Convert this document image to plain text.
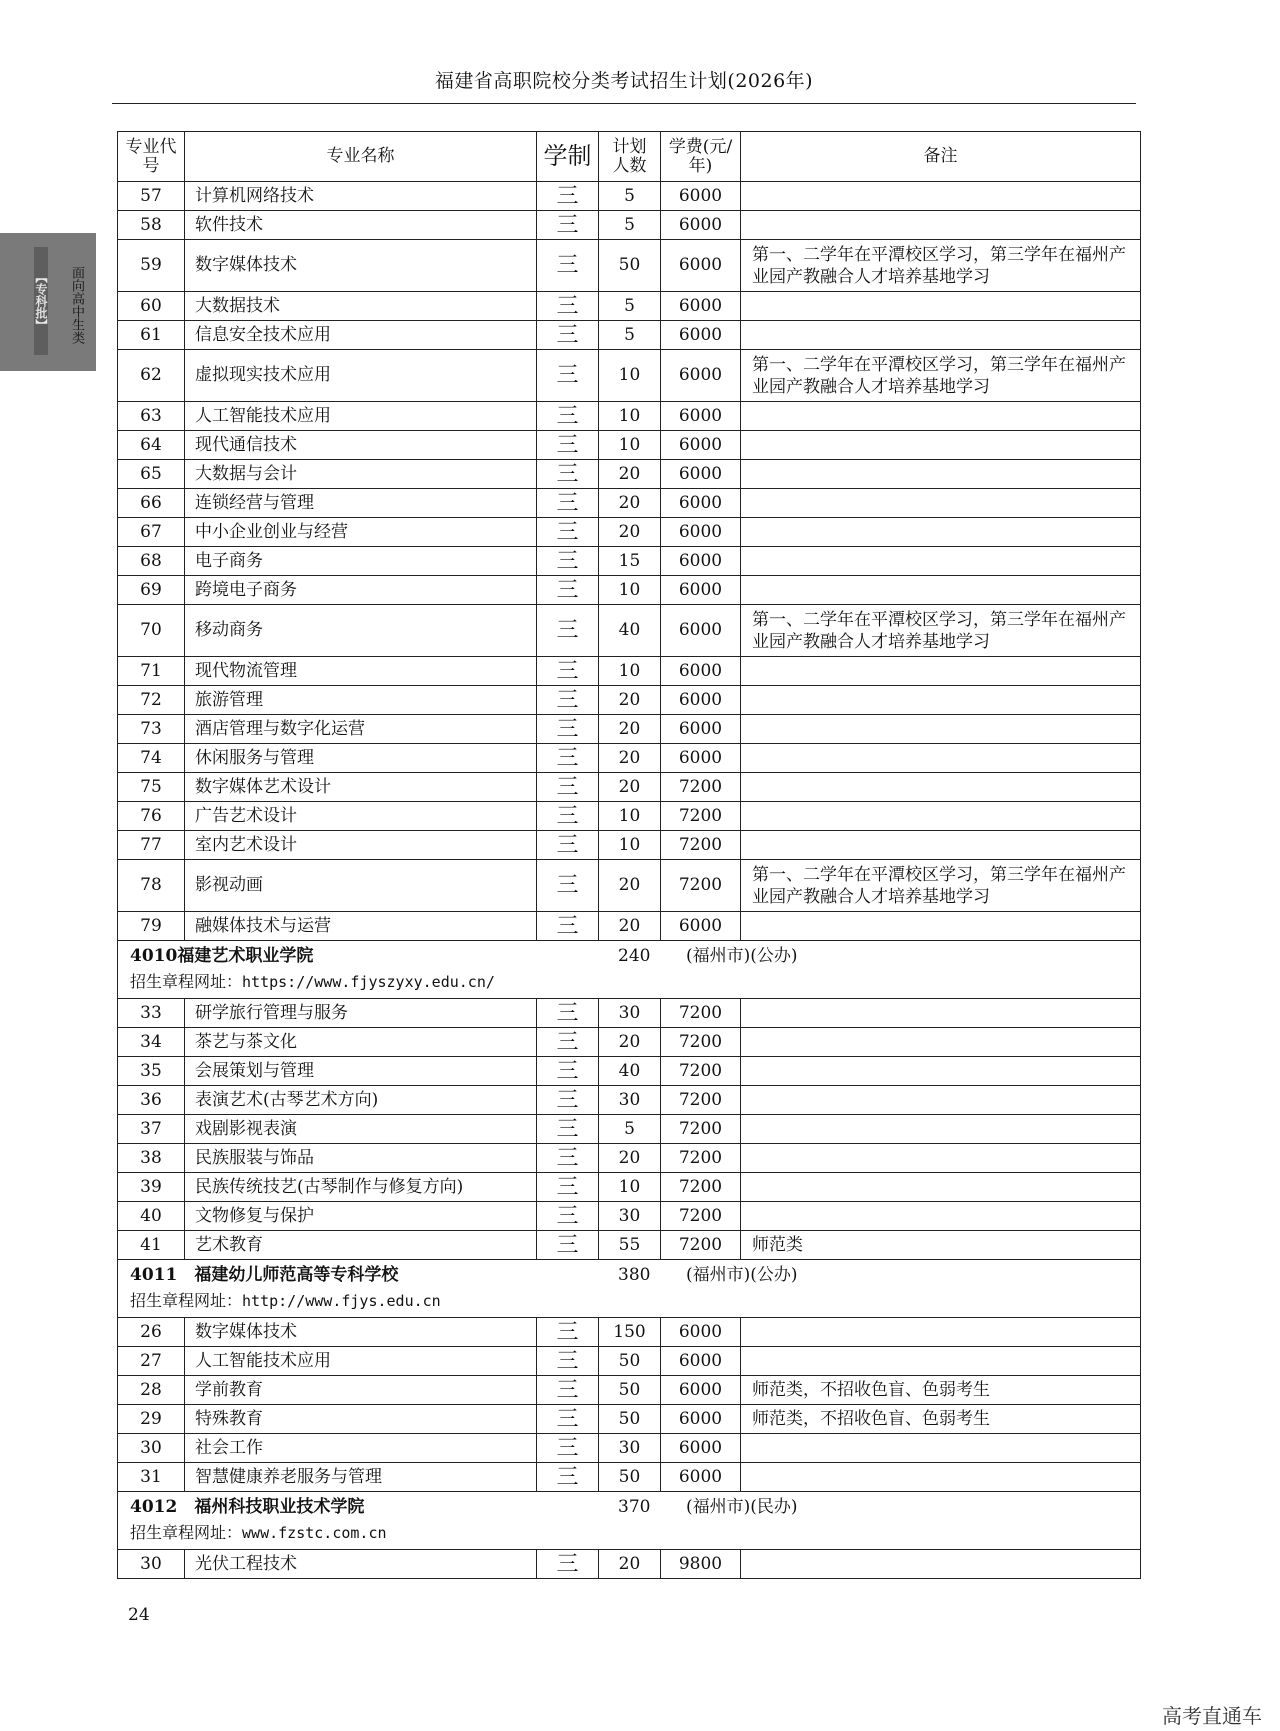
福建省高职院校分类考试招生计划(2026年)
【专科批】 面向高中生类
专业代号	专业名称	学制	计划人数	学费(元/年)	备注
57	计算机网络技术	三	5	6000	
58	软件技术	三	5	6000	
59	数字媒体技术	三	50	6000	第一、二学年在平潭校区学习，第三学年在福州产业园产教融合人才培养基地学习
60	大数据技术	三	5	6000	
61	信息安全技术应用	三	5	6000	
62	虚拟现实技术应用	三	10	6000	第一、二学年在平潭校区学习，第三学年在福州产业园产教融合人才培养基地学习
63	人工智能技术应用	三	10	6000	
64	现代通信技术	三	10	6000	
65	大数据与会计	三	20	6000	
66	连锁经营与管理	三	20	6000	
67	中小企业创业与经营	三	20	6000	
68	电子商务	三	15	6000	
69	跨境电子商务	三	10	6000	
70	移动商务	三	40	6000	第一、二学年在平潭校区学习，第三学年在福州产业园产教融合人才培养基地学习
71	现代物流管理	三	10	6000	
72	旅游管理	三	20	6000	
73	酒店管理与数字化运营	三	20	6000	
74	休闲服务与管理	三	20	6000	
75	数字媒体艺术设计	三	20	7200	
76	广告艺术设计	三	10	7200	
77	室内艺术设计	三	10	7200	
78	影视动画	三	20	7200	第一、二学年在平潭校区学习，第三学年在福州产业园产教融合人才培养基地学习
79	融媒体技术与运营	三	20	6000	

4010福建艺术职业学院 240 (福州市)(公办)
招生章程网址：https://www.fjyszyxy.edu.cn/					

33	研学旅行管理与服务	三	30	7200	
34	茶艺与茶文化	三	20	7200	
35	会展策划与管理	三	40	7200	
36	表演艺术(古琴艺术方向)	三	30	7200	
37	戏剧影视表演	三	5	7200	
38	民族服装与饰品	三	20	7200	
39	民族传统技艺(古琴制作与修复方向)	三	10	7200	
40	文物修复与保护	三	30	7200	
41	艺术教育	三	55	7200	师范类

4011　福建幼儿师范高等专科学校 380 (福州市)(公办)
招生章程网址：http://www.fjys.edu.cn					

26	数字媒体技术	三	150	6000	
27	人工智能技术应用	三	50	6000	
28	学前教育	三	50	6000	师范类，不招收色盲、色弱考生
29	特殊教育	三	50	6000	师范类，不招收色盲、色弱考生
30	社会工作	三	30	6000	
31	智慧健康养老服务与管理	三	50	6000	

4012　福州科技职业技术学院 370 (福州市)(民办)
招生章程网址：www.fzstc.com.cn					

30	光伏工程技术	三	20	9800	
24
高考直通车
